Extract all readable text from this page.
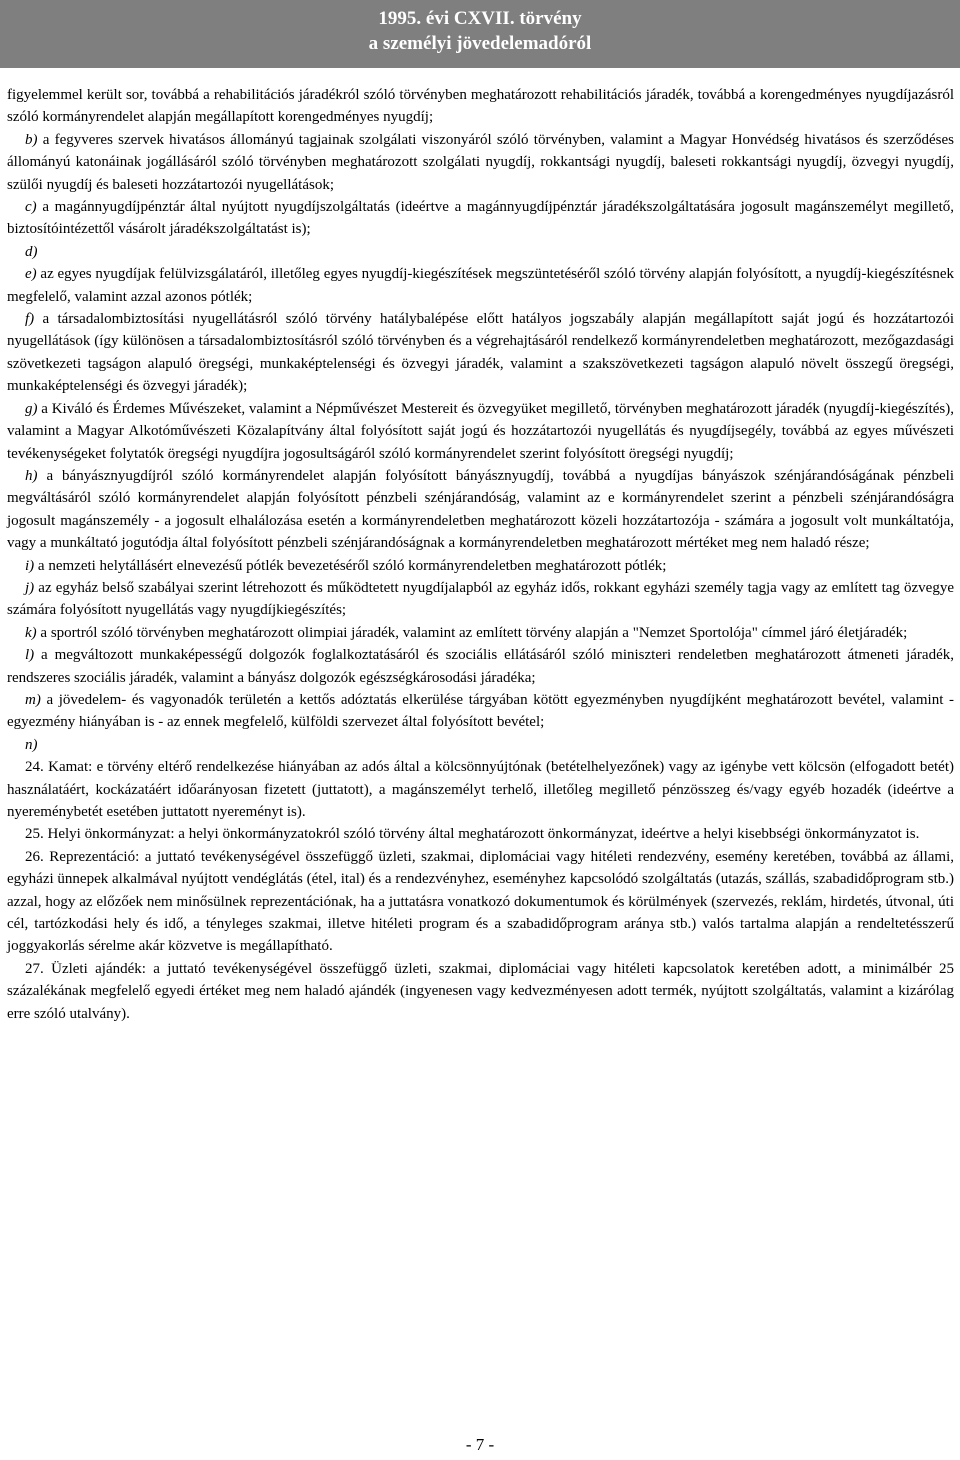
1995. évi CXVII. törvény
a személyi jövedelemadóról

figyelemmel került sor, továbbá a rehabilitációs járadékról szóló törvényben meghatározott rehabilitációs járadék, továbbá a korengedményes nyugdíjazásról szóló kormányrendelet alapján megállapított korengedményes nyugdíj;

b) a fegyveres szervek hivatásos állományú tagjainak szolgálati viszonyáról szóló törvényben, valamint a Magyar Honvédség hivatásos és szerződéses állományú katonáinak jogállásáról szóló törvényben meghatározott szolgálati nyugdíj, rokkantsági nyugdíj, baleseti rokkantsági nyugdíj, özvegyi nyugdíj, szülői nyugdíj és baleseti hozzátartozói nyugellátások;

c) a magánnyugdíjpénztár által nyújtott nyugdíjszolgáltatás (ideértve a magánnyugdíjpénztár járadékszolgáltatására jogosult magánszemélyt megillető, biztosítóintézettől vásárolt járadékszolgáltatást is);

d)

e) az egyes nyugdíjak felülvizsgálatáról, illetőleg egyes nyugdíj-kiegészítések megszüntetéséről szóló törvény alapján folyósított, a nyugdíj-kiegészítésnek megfelelő, valamint azzal azonos pótlék;

f) a társadalombiztosítási nyugellátásról szóló törvény hatálybalépése előtt hatályos jogszabály alapján megállapított saját jogú és hozzátartozói nyugellátások (így különösen a társadalombiztosításról szóló törvényben és a végrehajtásáról rendelkező kormányrendeletben meghatározott, mezőgazdasági szövetkezeti tagságon alapuló öregségi, munkaképtelenségi és özvegyi járadék, valamint a szakszövetkezeti tagságon alapuló növelt összegű öregségi, munkaképtelenségi és özvegyi járadék);

g) a Kiváló és Érdemes Művészeket, valamint a Népművészet Mestereit és özvegyüket megillető, törvényben meghatározott járadék (nyugdíj-kiegészítés), valamint a Magyar Alkotóművészeti Közalapítvány által folyósított saját jogú és hozzátartozói nyugellátás és nyugdíjsegély, továbbá az egyes művészeti tevékenységeket folytatók öregségi nyugdíjra jogosultságáról szóló kormányrendelet szerint folyósított öregségi nyugdíj;

h) a bányásznyugdíjról szóló kormányrendelet alapján folyósított bányásznyugdíj, továbbá a nyugdíjas bányászok szénjárandóságának pénzbeli megváltásáról szóló kormányrendelet alapján folyósított pénzbeli szénjárandóság, valamint az e kormányrendelet szerint a pénzbeli szénjárandóságra jogosult magánszemély - a jogosult elhalálozása esetén a kormányrendeletben meghatározott közeli hozzátartozója - számára a jogosult volt munkáltatója, vagy a munkáltató jogutódja által folyósított pénzbeli szénjárandóságnak a kormányrendeletben meghatározott mértéket meg nem haladó része;

i) a nemzeti helytállásért elnevezésű pótlék bevezetéséről szóló kormányrendeletben meghatározott pótlék;

j) az egyház belső szabályai szerint létrehozott és működtetett nyugdíjalapból az egyház idős, rokkant egyházi személy tagja vagy az említett tag özvegye számára folyósított nyugellátás vagy nyugdíjkiegészítés;

k) a sportról szóló törvényben meghatározott olimpiai járadék, valamint az említett törvény alapján a "Nemzet Sportolója" címmel járó életjáradék;

l) a megváltozott munkaképességű dolgozók foglalkoztatásáról és szociális ellátásáról szóló miniszteri rendeletben meghatározott átmeneti járadék, rendszeres szociális járadék, valamint a bányász dolgozók egészségkárosodási járadéka;

m) a jövedelem- és vagyonadók területén a kettős adóztatás elkerülése tárgyában kötött egyezményben nyugdíjként meghatározott bevétel, valamint - egyezmény hiányában is - az ennek megfelelő, külföldi szervezet által folyósított bevétel;

n)

24. Kamat: e törvény eltérő rendelkezése hiányában az adós által a kölcsönnyújtónak (betételhelyezőnek) vagy az igénybe vett kölcsön (elfogadott betét) használatáért, kockázatáért időarányosan fizetett (juttatott), a magánszemélyt terhelő, illetőleg megillető pénzösszeg és/vagy egyéb hozadék (ideértve a nyereménybetét esetében juttatott nyereményt is).

25. Helyi önkormányzat: a helyi önkormányzatokról szóló törvény által meghatározott önkormányzat, ideértve a helyi kisebbségi önkormányzatot is.

26. Reprezentáció: a juttató tevékenységével összefüggő üzleti, szakmai, diplomáciai vagy hitéleti rendezvény, esemény keretében, továbbá az állami, egyházi ünnepek alkalmával nyújtott vendéglátás (étel, ital) és a rendezvényhez, eseményhez kapcsolódó szolgáltatás (utazás, szállás, szabadidőprogram stb.) azzal, hogy az előzőek nem minősülnek reprezentációnak, ha a juttatásra vonatkozó dokumentumok és körülmények (szervezés, reklám, hirdetés, útvonal, úti cél, tartózkodási hely és idő, a tényleges szakmai, illetve hitéleti program és a szabadidőprogram aránya stb.) valós tartalma alapján a rendeltetésszerű joggyakorlás sérelme akár közvetve is megállapítható.

27. Üzleti ajándék: a juttató tevékenységével összefüggő üzleti, szakmai, diplomáciai vagy hitéleti kapcsolatok keretében adott, a minimálbér 25 százalékának megfelelő egyedi értéket meg nem haladó ajándék (ingyenesen vagy kedvezményesen adott termék, nyújtott szolgáltatás, valamint a kizárólag erre szóló utalvány).

- 7 -
